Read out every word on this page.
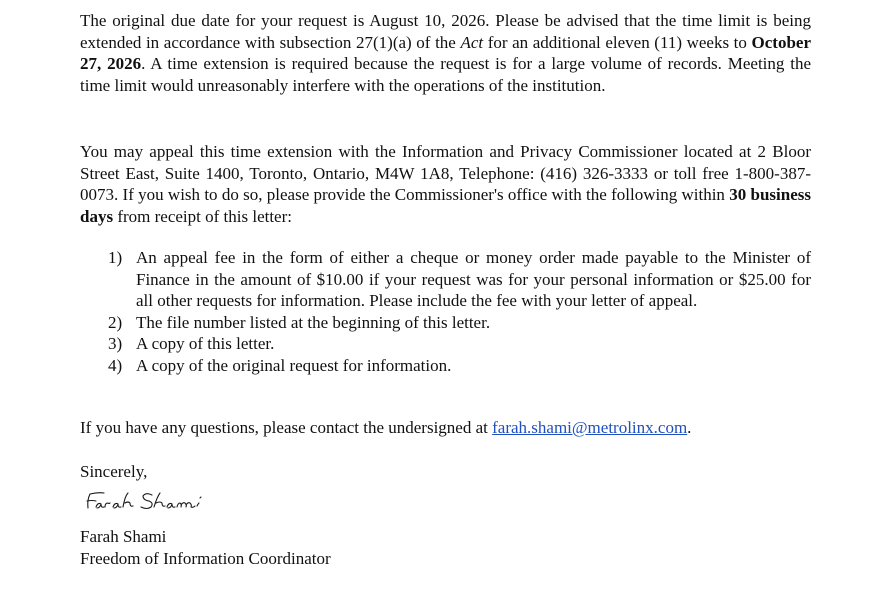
The original due date for your request is August 10, 2026. Please be advised that the time limit is being extended in accordance with subsection 27(1)(a) of the Act for an additional eleven (11) weeks to October 27, 2026. A time extension is required because the request is for a large volume of records. Meeting the time limit would unreasonably interfere with the operations of the institution.

You may appeal this time extension with the Information and Privacy Commissioner located at 2 Bloor Street East, Suite 1400, Toronto, Ontario, M4W 1A8, Telephone: (416) 326-3333 or toll free 1-800-387-0073. If you wish to do so, please provide the Commissioner's office with the following within 30 business days from receipt of this letter:

1) An appeal fee in the form of either a cheque or money order made payable to the Minister of Finance in the amount of $10.00 if your request was for your personal information or $25.00 for all other requests for information. Please include the fee with your letter of appeal.
2) The file number listed at the beginning of this letter.
3) A copy of this letter.
4) A copy of the original request for information.

If you have any questions, please contact the undersigned at farah.shami@metrolinx.com.

Sincerely,

Farah Shami

Freedom of Information Coordinator
